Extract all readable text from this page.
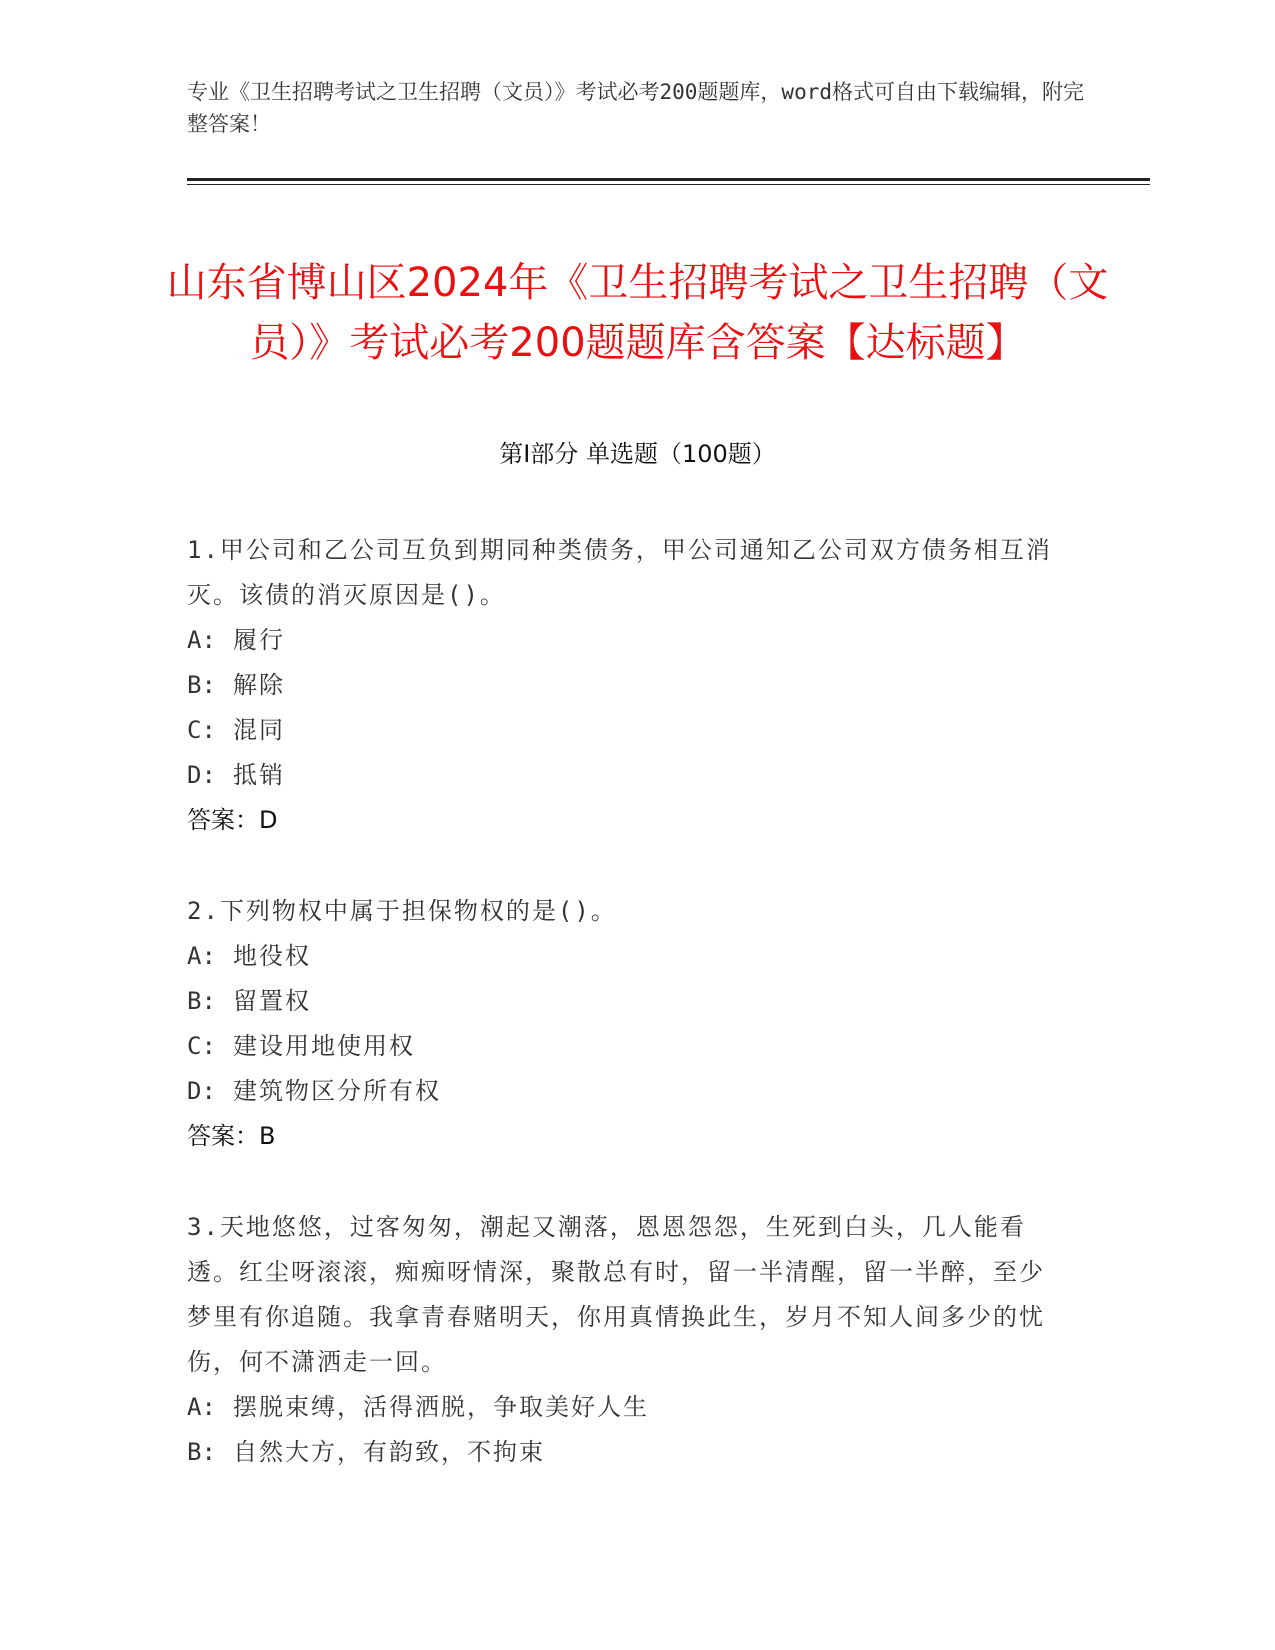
专业《卫生招聘考试之卫生招聘（文员）》考试必考200题题库，word格式可自由下载编辑，附完整答案！
山东省博山区2024年《卫生招聘考试之卫生招聘（文员）》考试必考200题题库含答案【达标题】
第I部分 单选题（100题）
1.甲公司和乙公司互负到期同种类债务，甲公司通知乙公司双方债务相互消灭。该债的消灭原因是()。
A: 履行
B: 解除
C: 混同
D: 抵销
答案：D
2.下列物权中属于担保物权的是()。
A: 地役权
B: 留置权
C: 建设用地使用权
D: 建筑物区分所有权
答案：B
3.天地悠悠，过客匆匆，潮起又潮落，恩恩怨怨，生死到白头，几人能看透。红尘呀滚滚，痴痴呀情深，聚散总有时，留一半清醒，留一半醉，至少梦里有你追随。我拿青春赌明天，你用真情换此生，岁月不知人间多少的忧伤，何不潇洒走一回。
A: 摆脱束缚，活得洒脱，争取美好人生
B: 自然大方，有韵致，不拘束
